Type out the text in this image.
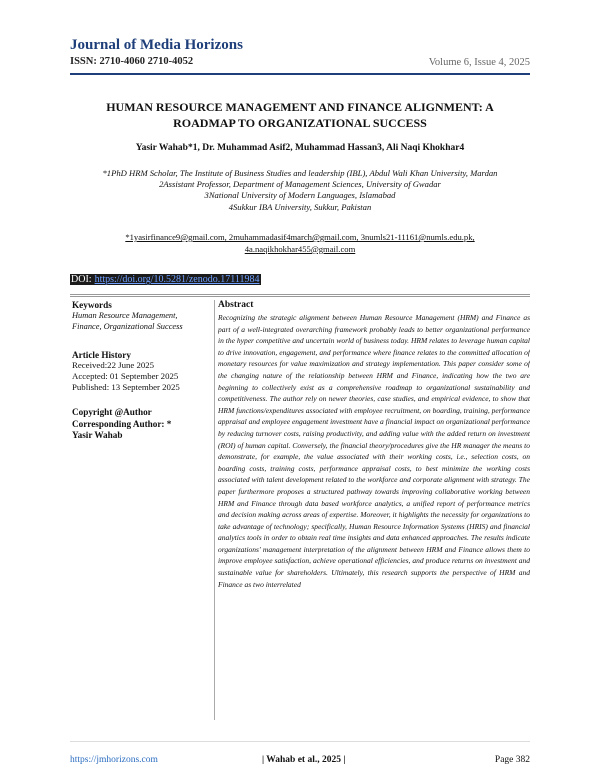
Journal of Media Horizons
ISSN: 2710-4060 2710-4052	Volume 6, Issue 4, 2025
HUMAN RESOURCE MANAGEMENT AND FINANCE ALIGNMENT: A ROADMAP TO ORGANIZATIONAL SUCCESS
Yasir Wahab*1, Dr. Muhammad Asif2, Muhammad Hassan3, Ali Naqi Khokhar4
*1PhD HRM Scholar, The Institute of Business Studies and leadership (IBL), Abdul Wali Khan University, Mardan
2Assistant Professor, Department of Management Sciences, University of Gwadar
3National University of Modern Languages, Islamabad
4Sukkur IBA University, Sukkur, Pakistan
*1yasirfinance9@gmail.com, 2muhammadasif4march@gmail.com, 3numls21-11161@numls.edu.pk,
4a.naqikhokhar455@gmail.com
DOI: https://doi.org/10.5281/zenodo.17111984
Keywords
Human Resource Management, Finance, Organizational Success
Article History
Received:22 June 2025
Accepted: 01 September 2025
Published: 13 September 2025
Copyright @Author
Corresponding Author: *
Yasir Wahab
Abstract
Recognizing the strategic alignment between Human Resource Management (HRM) and Finance as part of a well-integrated overarching framework probably leads to better organizational performance in the hyper competitive and uncertain world of business today. HRM relates to leverage human capital to drive innovation, engagement, and performance where finance relates to the committed allocation of monetary resources for value maximization and strategy implementation. This paper consider some of the changing nature of the relationship between HRM and Finance, indicating how the two are beginning to collectively exist as a comprehensive roadmap to organizational sustainability and competitiveness. The author rely on newer theories, case studies, and empirical evidence, to show that HRM functions/expenditures associated with employee recruitment, on boarding, training, performance appraisal and employee engagement investment have a financial impact on organizational performance by reducing turnover costs, raising productivity, and adding value with the added return on investment (ROI) of human capital. Conversely, the financial theory/procedures give the HR manager the means to demonstrate, for example, the value associated with their working costs, i.e., selection costs, on boarding costs, training costs, performance appraisal costs, to best minimize the working costs associated with talent development related to the workforce and corporate alignment with strategy. The paper furthermore proposes a structured pathway towards improving collaborative working between HRM and Finance through data based workforce analytics, a unified report of performance metrics and decision making across areas of expertise. Moreover, it highlights the necessity for organizations to take advantage of technology; specifically, Human Resource Information Systems (HRIS) and financial analytics tools in order to obtain real time insights and data enhanced approaches. The results indicate organizations' management interpretation of the alignment between HRM and Finance allows them to improve employee satisfaction, achieve operational efficiencies, and produce returns on investment and sustainable value for shareholders. Ultimately, this research supports the perspective of HRM and Finance as two interrelated
https://jmhorizons.com	| Wahab et al., 2025 |	Page 382
